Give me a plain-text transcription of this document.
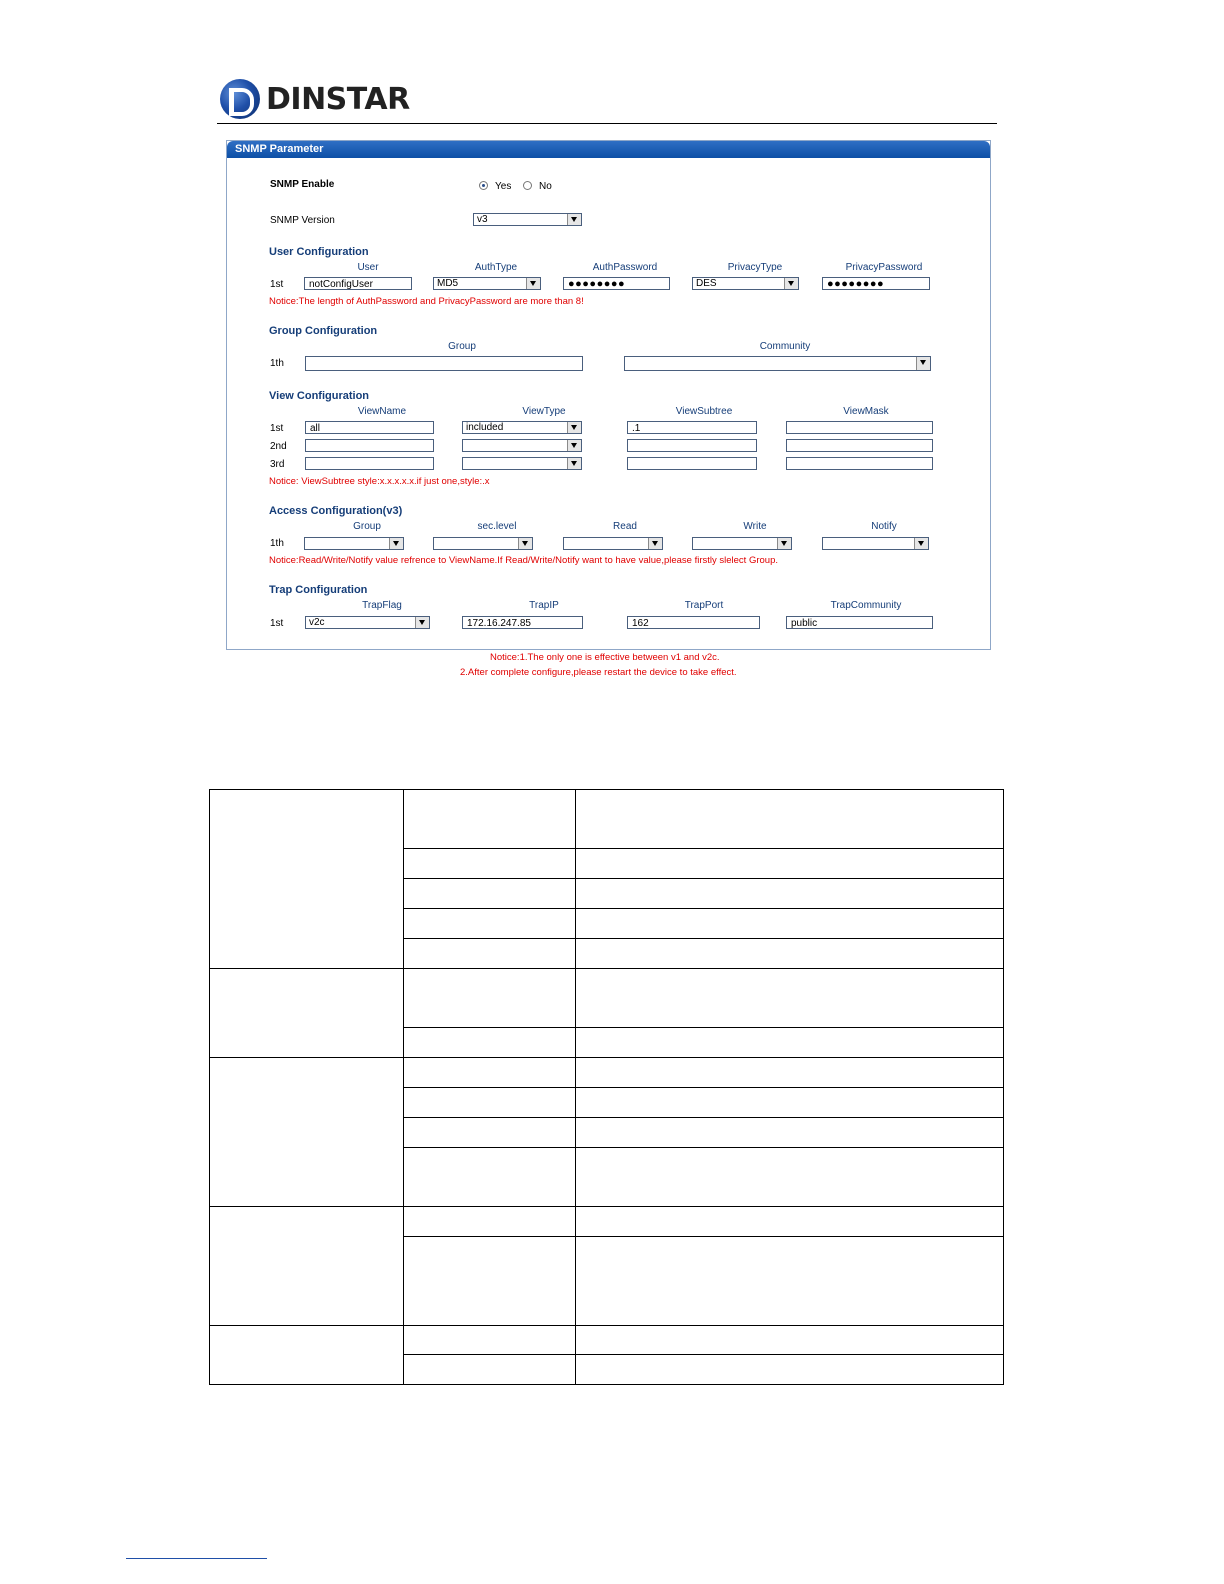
DINSTAR
SNMP Parameter
SNMP Enable	Yes	No
SNMP Version	v3
User Configuration
User	AuthType	AuthPassword	PrivacyType	PrivacyPassword
1st	notConfigUser	MD5	●●●●●●●●	DES	●●●●●●●●
Notice:The length of AuthPassword and PrivacyPassword are more than 8!
Group Configuration
Group	Community
1th
View Configuration
ViewName	ViewType	ViewSubtree	ViewMask
1st	all	included	.1
2nd
3rd
Notice: ViewSubtree style:x.x.x.x.x.if just one,style:.x
Access Configuration(v3)
Group	sec.level	Read	Write	Notify
1th
Notice:Read/Write/Notify value refrence to ViewName.If Read/Write/Notify want to have value,please firstly slelect Group.
Trap Configuration
TrapFlag	TrapIP	TrapPort	TrapCommunity
1st	v2c	172.16.247.85	162	public
Notice:1.The only one is effective between v1 and v2c.
2.After complete configure,please restart the device to take effect.
